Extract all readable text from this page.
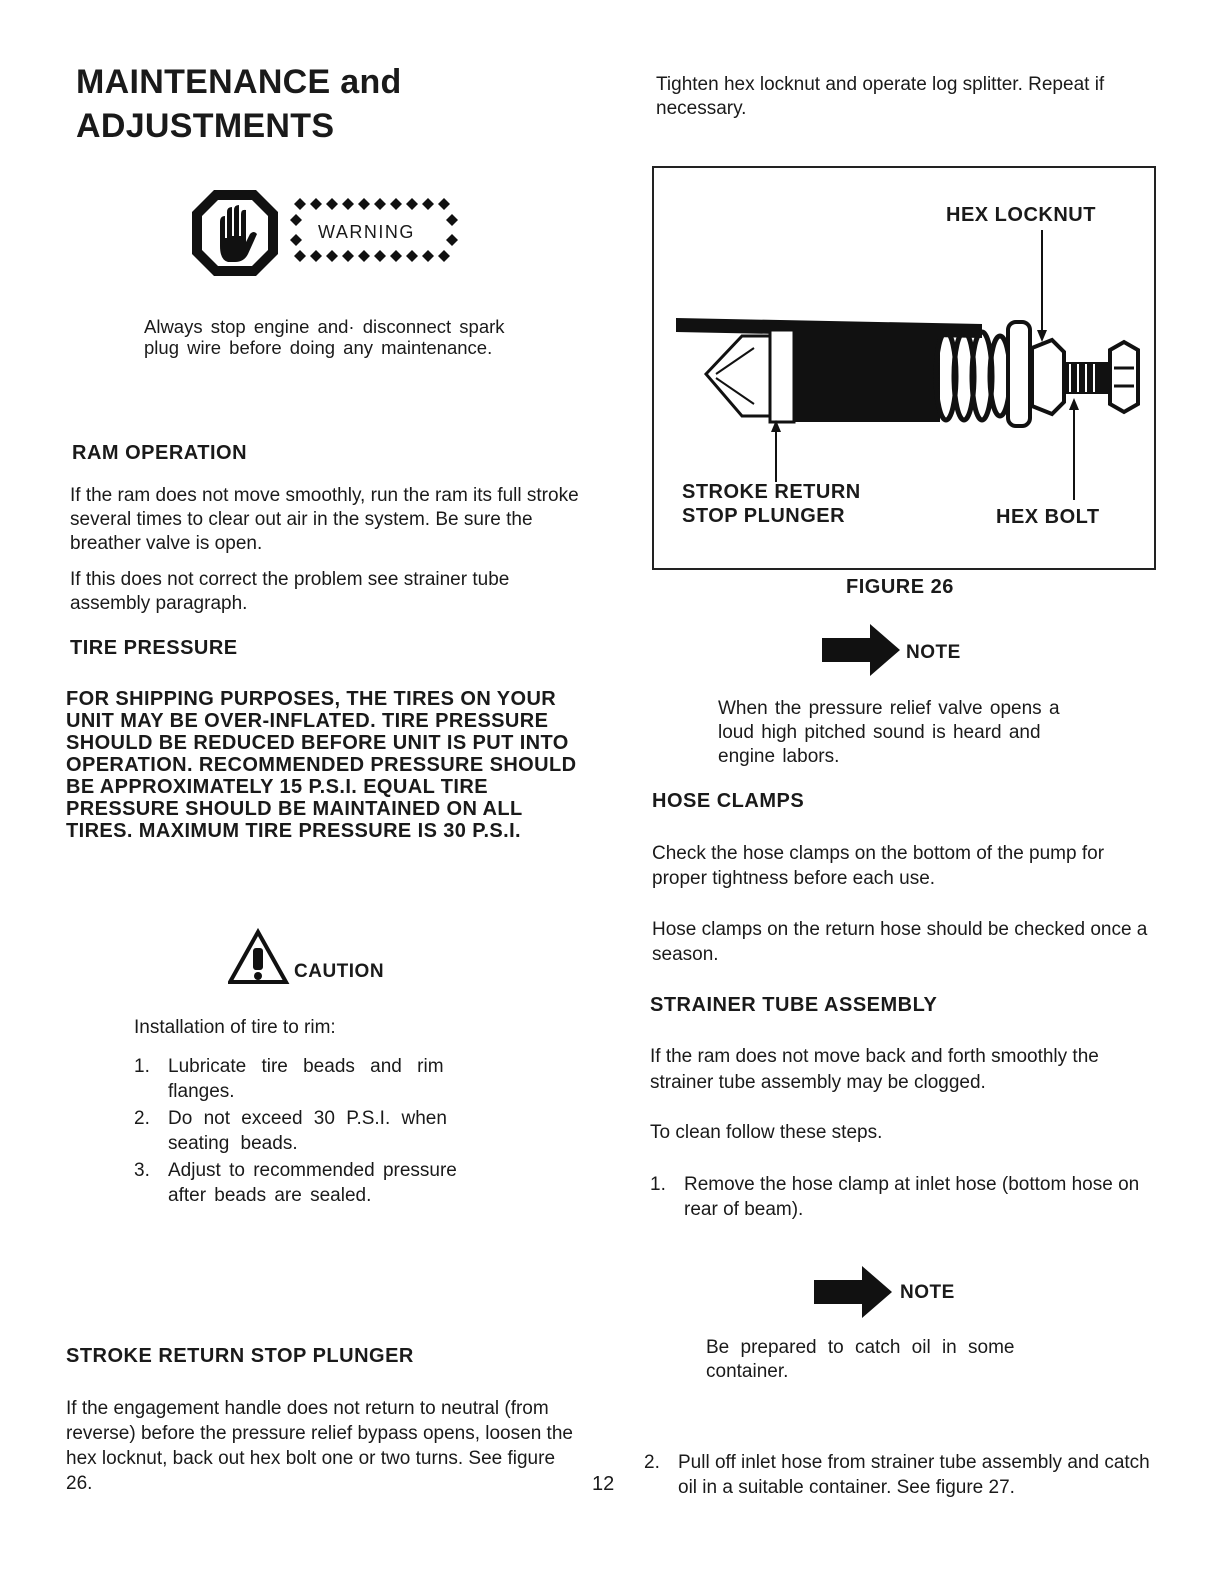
MAINTENANCE and
ADJUSTMENTS
WARNING
Always stop engine and· disconnect spark plug wire before doing any maintenance.
RAM OPERATION
If the ram does not move smoothly, run the ram its full stroke several times to clear out air in the system. Be sure the breather valve is open.
If this does not correct the problem see strainer tube assembly paragraph.
TIRE PRESSURE
FOR SHIPPING PURPOSES, THE TIRES ON YOUR UNIT MAY BE OVER-INFLATED. TIRE PRESSURE SHOULD BE REDUCED BEFORE UNIT IS PUT INTO OPERATION. RECOMMENDED PRESSURE SHOULD BE APPROXIMATELY 15 P.S.I. EQUAL TIRE PRESSURE SHOULD BE MAINTAINED ON ALL TIRES. MAXIMUM TIRE PRESSURE IS 30 P.S.I.
CAUTION
Installation of tire to rim:
1. Lubricate tire beads and rim flanges.
2. Do not exceed 30 P.S.I. when seating beads.
3. Adjust to recommended pressure after beads are sealed.
STROKE RETURN STOP PLUNGER
If the engagement handle does not return to neutral (from reverse) before the pressure relief bypass opens, loosen the hex locknut, back out hex bolt one or two turns. See figure 26.	12
Tighten hex locknut and operate log splitter. Repeat if necessary.
HEX LOCKNUT
STROKE RETURN
STOP PLUNGER	HEX BOLT
FIGURE 26
NOTE
When the pressure relief valve opens a loud high pitched sound is heard and engine labors.
HOSE CLAMPS
Check the hose clamps on the bottom of the pump for proper tightness before each use.
Hose clamps on the return hose should be checked once a season.
STRAINER TUBE ASSEMBLY
If the ram does not move back and forth smoothly the strainer tube assembly may be clogged.
To clean follow these steps.
1. Remove the hose clamp at inlet hose (bottom hose on rear of beam).
NOTE
Be prepared to catch oil in some container.
2. Pull off inlet hose from strainer tube assembly and catch oil in a suitable container. See figure 27.
